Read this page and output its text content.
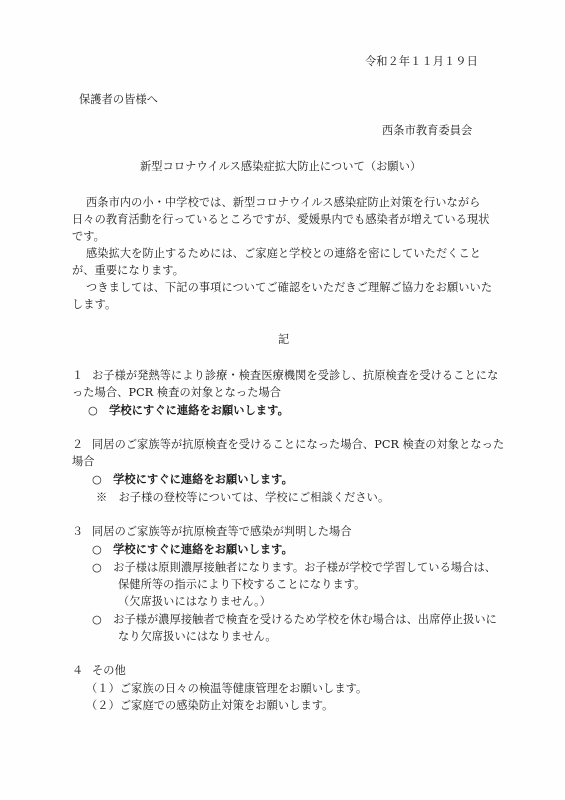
令和２年１１月１９日
保護者の皆様へ
西条市教育委員会
新型コロナウイルス感染症拡大防止について（お願い）
西条市内の小・中学校では、新型コロナウイルス感染症防止対策を行いながら
日々の教育活動を行っているところですが、愛媛県内でも感染者が増えている現状
です。
感染拡大を防止するためには、ご家庭と学校との連絡を密にしていただくこと
が、重要になります。
つきましては、下記の事項についてご確認をいただきご理解ご協力をお願いいた
します。
記
１ お子様が発熱等により診療・検査医療機関を受診し、抗原検査を受けることにな
った場合、PCR 検査の対象となった場合
○　学校にすぐに連絡をお願いします。
２ 同居のご家族等が抗原検査を受けることになった場合、PCR 検査の対象となった
場合
○　学校にすぐに連絡をお願いします。
※　お子様の登校等については、学校にご相談ください。
３ 同居のご家族等が抗原検査等で感染が判明した場合
○　学校にすぐに連絡をお願いします。
○　お子様は原則濃厚接触者になります。お子様が学校で学習している場合は、
保健所等の指示により下校することになります。
（欠席扱いにはなりません。）
○　お子様が濃厚接触者で検査を受けるため学校を休む場合は、出席停止扱いに
なり欠席扱いにはなりません。
４ その他
（１）ご家族の日々の検温等健康管理をお願いします。
（２）ご家庭での感染防止対策をお願いします。
